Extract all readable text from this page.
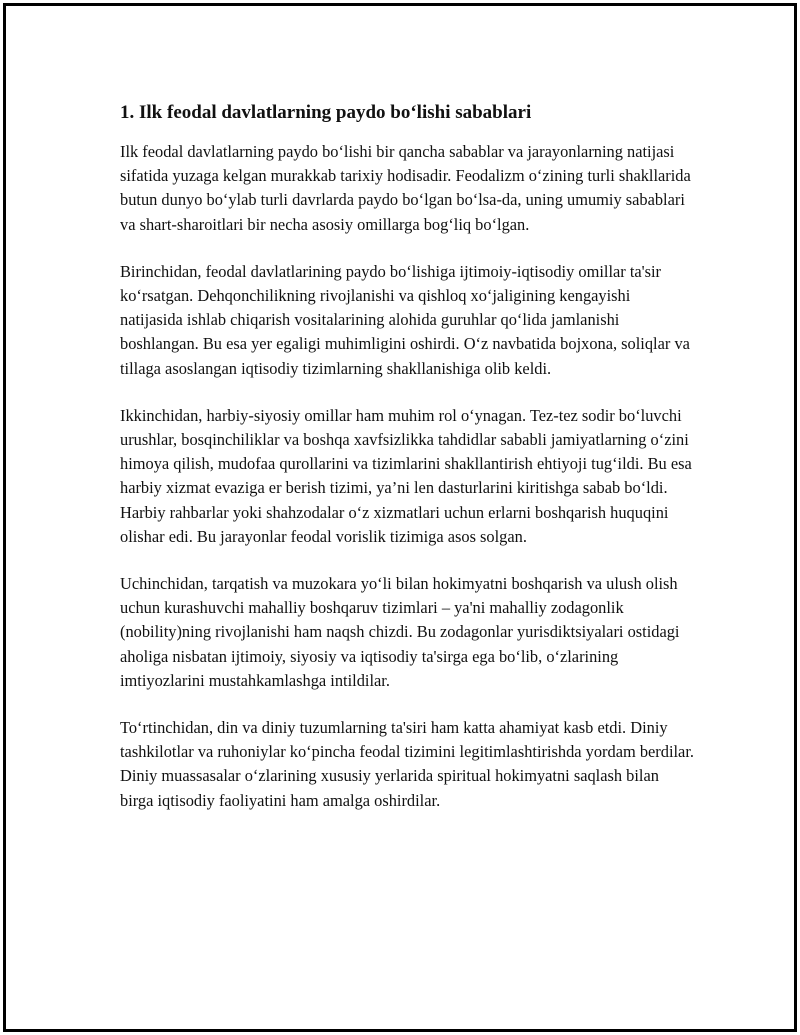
1. Ilk feodal davlatlarning paydo bo‘lishi sabablari

Ilk feodal davlatlarning paydo bo‘lishi bir qancha sabablar va jarayonlarning natijasi sifatida yuzaga kelgan murakkab tarixiy hodisadir. Feodalizm o‘zining turli shakllarida butun dunyo bo‘ylab turli davrlarda paydo bo‘lgan bo‘lsa-da, uning umumiy sabablari va shart-sharoitlari bir necha asosiy omillarga bog‘liq bo‘lgan.

Birinchidan, feodal davlatlarining paydo bo‘lishiga ijtimoiy-iqtisodiy omillar ta'sir ko‘rsatgan. Dehqonchilikning rivojlanishi va qishloq xo‘jaligining kengayishi natijasida ishlab chiqarish vositalarining alohida guruhlar qo‘lida jamlanishi boshlangan. Bu esa yer egaligi muhimligini oshirdi. O‘z navbatida bojxona, soliqlar va tillaga asoslangan iqtisodiy tizimlarning shakllanishiga olib keldi.

Ikkinchidan, harbiy-siyosiy omillar ham muhim rol o‘ynagan. Tez-tez sodir bo‘luvchi urushlar, bosqinchiliklar va boshqa xavfsizlikka tahdidlar sababli jamiyatlarning o‘zini himoya qilish, mudofaa qurollarini va tizimlarini shakllantirish ehtiyoji tug‘ildi. Bu esa harbiy xizmat evaziga er berish tizimi, ya’ni len dasturlarini kiritishga sabab bo‘ldi. Harbiy rahbarlar yoki shahzodalar o‘z xizmatlari uchun erlarni boshqarish huquqini olishar edi. Bu jarayonlar feodal vorislik tizimiga asos solgan.

Uchinchidan, tarqatish va muzokara yo‘li bilan hokimyatni boshqarish va ulush olish uchun kurashuvchi mahalliy boshqaruv tizimlari – ya'ni mahalliy zodagonlik (nobility)ning rivojlanishi ham naqsh chizdi. Bu zodagonlar yurisdiktsiyalari ostidagi aholiga nisbatan ijtimoiy, siyosiy va iqtisodiy ta'sirga ega bo‘lib, o‘zlarining imtiyozlarini mustahkamlashga intildilar.

To‘rtinchidan, din va diniy tuzumlarning ta'siri ham katta ahamiyat kasb etdi. Diniy tashkilotlar va ruhoniylar ko‘pincha feodal tizimini legitimlashtirishda yordam berdilar. Diniy muassasalar o‘zlarining xususiy yerlarida spiritual hokimyatni saqlash bilan birga iqtisodiy faoliyatini ham amalga oshirdilar.
